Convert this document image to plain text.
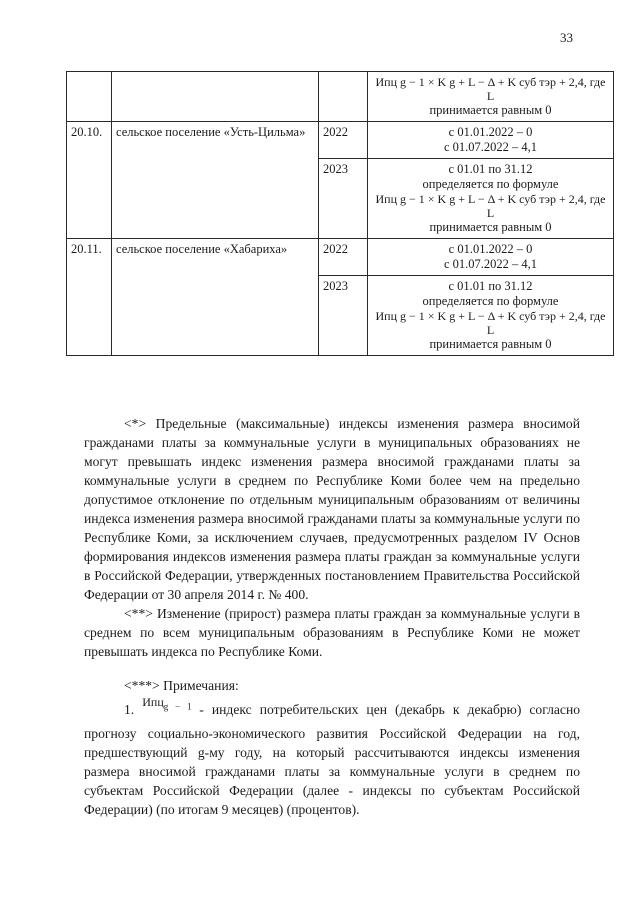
33

			Ипц g − 1 × K g + L − Δ + K суб тэр + 2,4, где L
принимается равным 0

20.10.	сельское поселение «Усть-Цильма»	2022	с 01.01.2022 – 0
с 01.07.2022 – 4,1

		2023	с 01.01 по 31.12
определяется по формуле
Ипц g − 1 × K g + L − Δ + K суб тэр + 2,4, где L
принимается равным 0

20.11.	сельское поселение «Хабариха»	2022	с 01.01.2022 – 0
с 01.07.2022 – 4,1

		2023	с 01.01 по 31.12
определяется по формуле
Ипц g − 1 × K g + L − Δ + K суб тэр + 2,4, где L
принимается равным 0
<*> Предельные (максимальные) индексы изменения размера вносимой гражданами платы за коммунальные услуги в муниципальных образованиях не могут превышать индекс изменения размера вносимой гражданами платы за коммунальные услуги в среднем по Республике Коми более чем на предельно допустимое отклонение по отдельным муниципальным образованиям от величины индекса изменения размера вносимой гражданами платы за коммунальные услуги по Республике Коми, за исключением случаев, предусмотренных разделом IV Основ формирования индексов изменения размера платы граждан за коммунальные услуги в Российской Федерации, утвержденных постановлением Правительства Российской Федерации от 30 апреля 2014 г. № 400.
<**> Изменение (прирост) размера платы граждан за коммунальные услуги в среднем по всем муниципальным образованиям в Республике Коми не может превышать индекса по Республике Коми.
<***> Примечания:
1. Ипц$_{g - 1}$ - индекс потребительских цен (декабрь к декабрю) согласно прогнозу социально-экономического развития Российской Федерации на год, предшествующий g-му году, на который рассчитываются индексы изменения размера вносимой гражданами платы за коммунальные услуги в среднем по субъектам Российской Федерации (далее - индексы по субъектам Российской Федерации) (по итогам 9 месяцев) (процентов).
